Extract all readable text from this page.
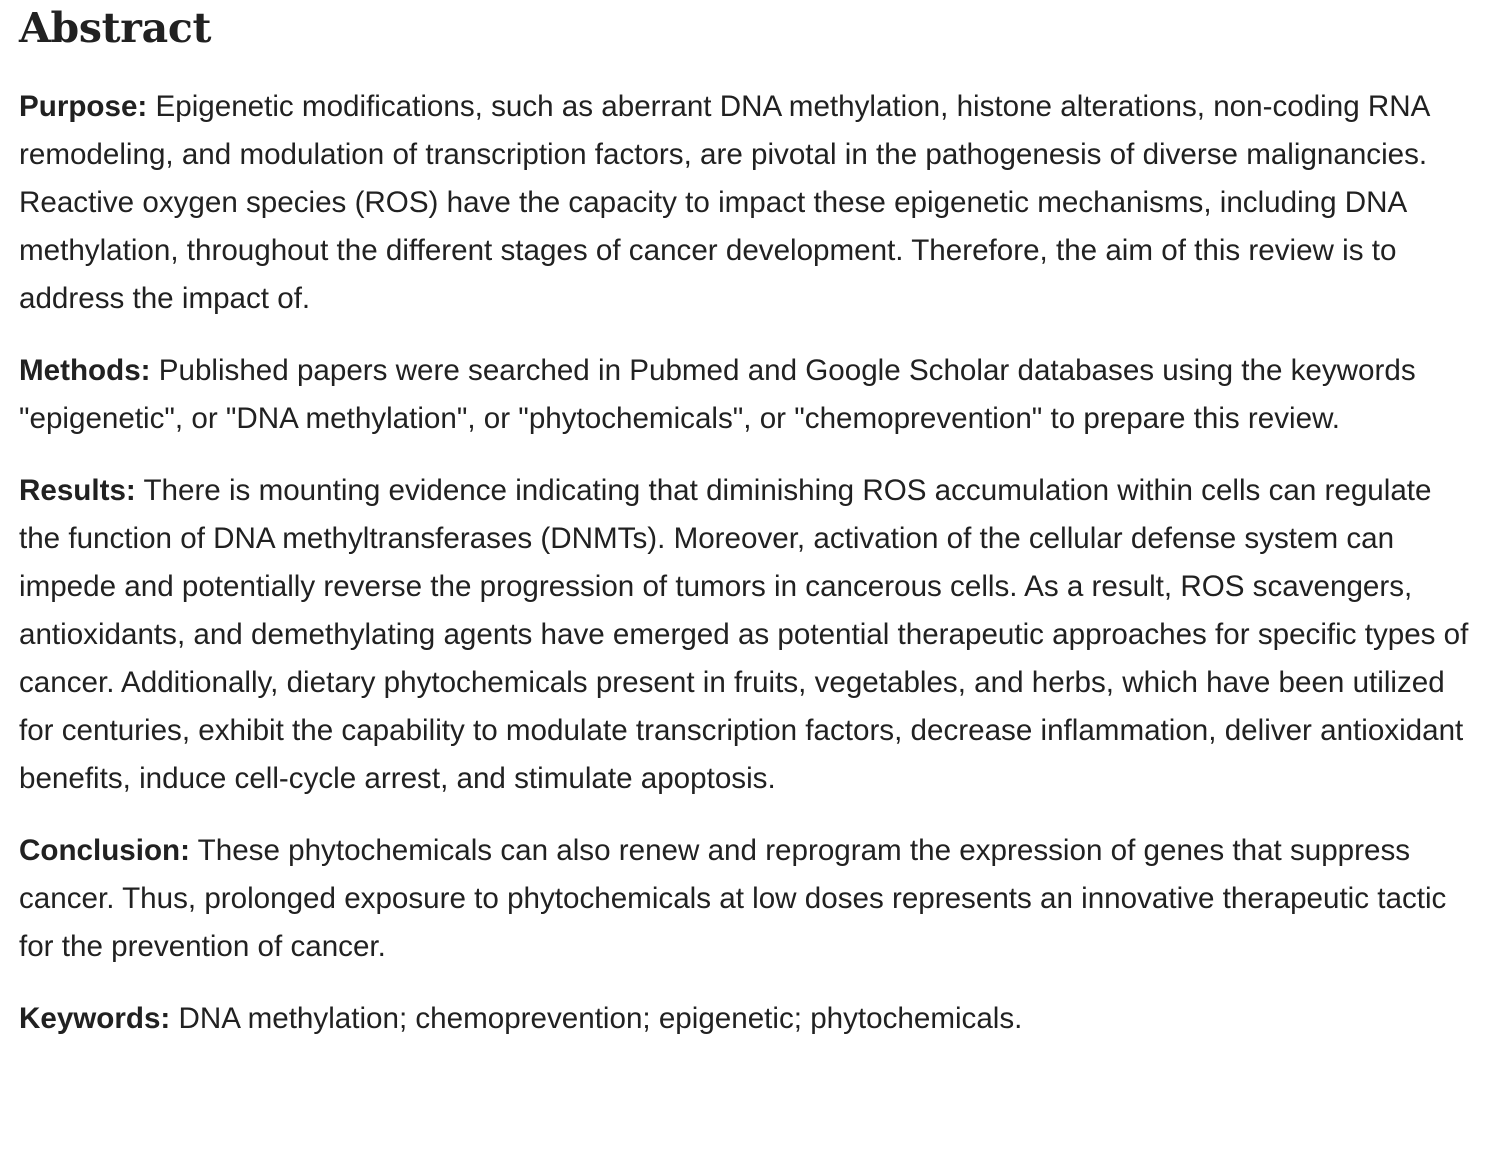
Abstract

Purpose: Epigenetic modifications, such as aberrant DNA methylation, histone alterations, non-coding RNA remodeling, and modulation of transcription factors, are pivotal in the pathogenesis of diverse malignancies. Reactive oxygen species (ROS) have the capacity to impact these epigenetic mechanisms, including DNA methylation, throughout the different stages of cancer development. Therefore, the aim of this review is to address the impact of.

Methods: Published papers were searched in Pubmed and Google Scholar databases using the keywords "epigenetic", or "DNA methylation", or "phytochemicals", or "chemoprevention" to prepare this review.

Results: There is mounting evidence indicating that diminishing ROS accumulation within cells can regulate the function of DNA methyltransferases (DNMTs). Moreover, activation of the cellular defense system can impede and potentially reverse the progression of tumors in cancerous cells. As a result, ROS scavengers, antioxidants, and demethylating agents have emerged as potential therapeutic approaches for specific types of cancer. Additionally, dietary phytochemicals present in fruits, vegetables, and herbs, which have been utilized for centuries, exhibit the capability to modulate transcription factors, decrease inflammation, deliver antioxidant benefits, induce cell-cycle arrest, and stimulate apoptosis.

Conclusion: These phytochemicals can also renew and reprogram the expression of genes that suppress cancer. Thus, prolonged exposure to phytochemicals at low doses represents an innovative therapeutic tactic for the prevention of cancer.

Keywords: DNA methylation; chemoprevention; epigenetic; phytochemicals.
